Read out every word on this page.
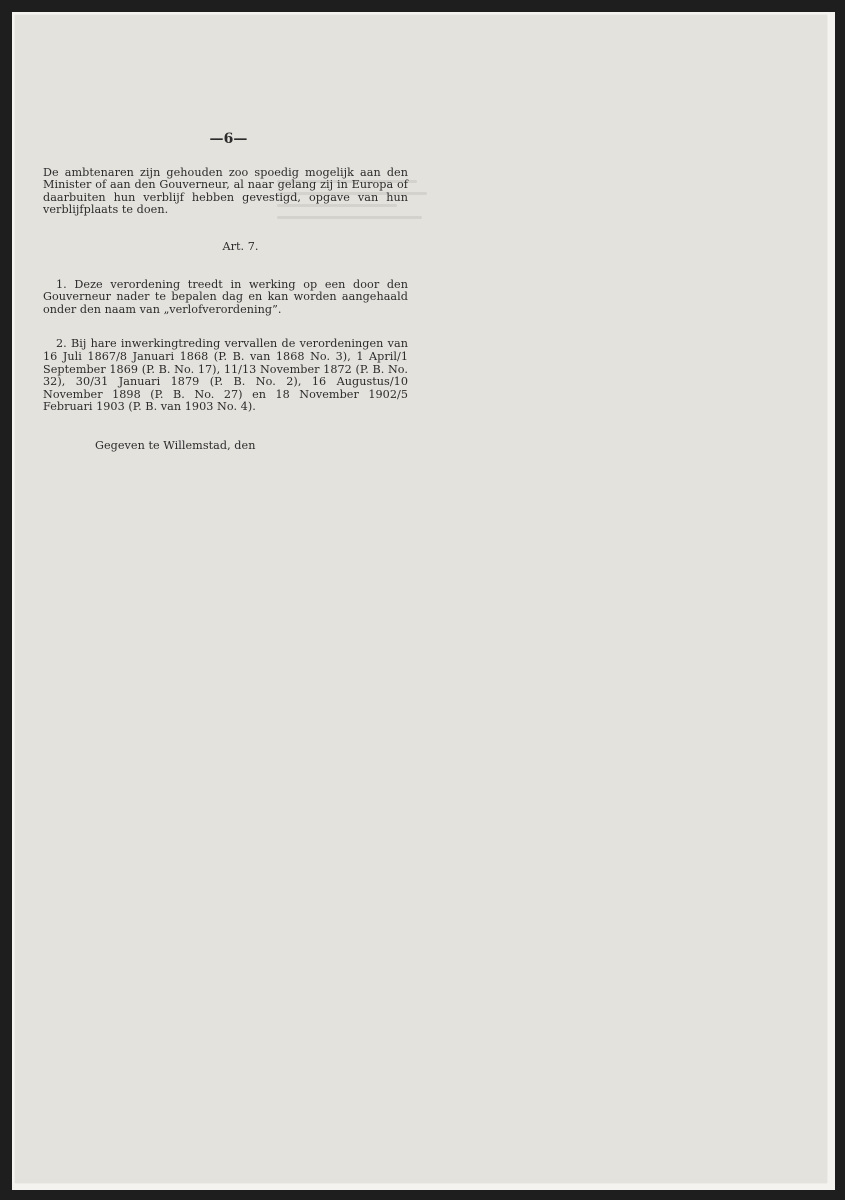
—6—

De ambtenaren zijn gehouden zoo spoedig mogelijk aan den Minister of aan den Gouverneur, al naar gelang zij in Europa of daarbuiten hun verblijf hebben gevestigd, opgave van hun verblijfplaats te doen.

Art. 7.

1. Deze verordening treedt in werking op een door den Gouverneur nader te bepalen dag en kan worden aangehaald onder den naam van „verlofverordening”.

2. Bij hare inwerkingtreding vervallen de verordeningen van 16 Juli 1867/8 Januari 1868 (P. B. van 1868 No. 3), 1 April/1 September 1869 (P. B. No. 17), 11/13 November 1872 (P. B. No. 32), 30/31 Januari 1879 (P. B. No. 2), 16 Augustus/10 November 1898 (P. B. No. 27) en 18 November 1902/5 Februari 1903 (P. B. van 1903 No. 4).

Gegeven te Willemstad, den
